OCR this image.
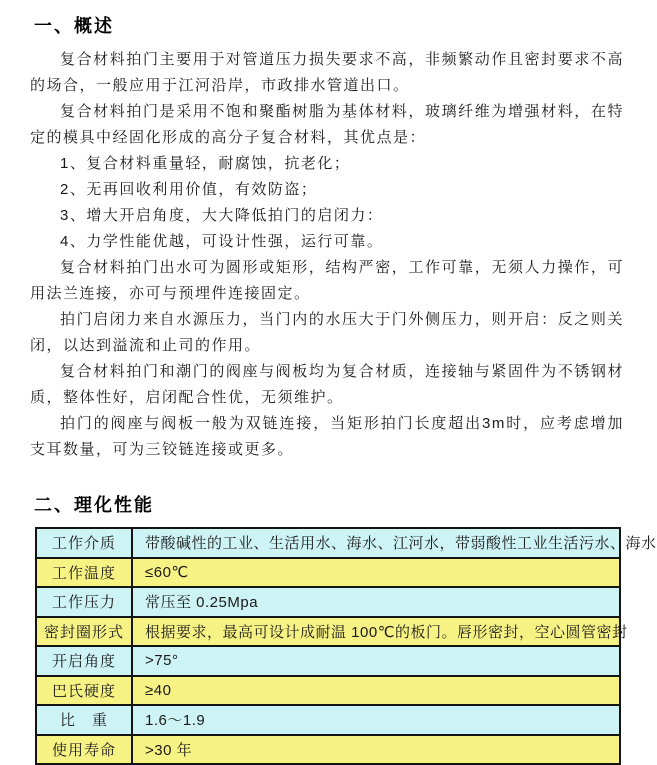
一、概述

复合材料拍门主要用于对管道压力损失要求不高，非频繁动作且密封要求不高的场合，一般应用于江河沿岸，市政排水管道出口。

复合材料拍门是采用不饱和聚酯树脂为基体材料，玻璃纤维为增强材料，在特定的模具中经固化形成的高分子复合材料，其优点是：

1、复合材料重量轻，耐腐蚀，抗老化；

2、无再回收利用价值，有效防盗；

3、增大开启角度，大大降低拍门的启闭力：

4、力学性能优越，可设计性强，运行可靠。

复合材料拍门出水可为圆形或矩形，结构严密，工作可靠，无须人力操作，可用法兰连接，亦可与预埋件连接固定。

拍门启闭力来自水源压力，当门内的水压大于门外侧压力，则开启：反之则关闭，以达到溢流和止司的作用。

复合材料拍门和潮门的阀座与阀板均为复合材质，连接轴与紧固件为不锈钢材质，整体性好，启闭配合性优，无须维护。

拍门的阀座与阀板一般为双链连接，当矩形拍门长度超出3m时，应考虑增加支耳数量，可为三铰链连接或更多。

二、理化性能
工作介质	带酸碱性的工业、生活用水、海水、江河水，带弱酸性工业生活污水、海水
工作温度	≤60℃
工作压力	常压至 0.25Mpa
密封圈形式	根据要求，最高可设计成耐温 100℃的板门。唇形密封，空心圆管密封
开启角度	>75°
巴氏硬度	≥40
比　重	1.6～1.9
使用寿命	>30 年
